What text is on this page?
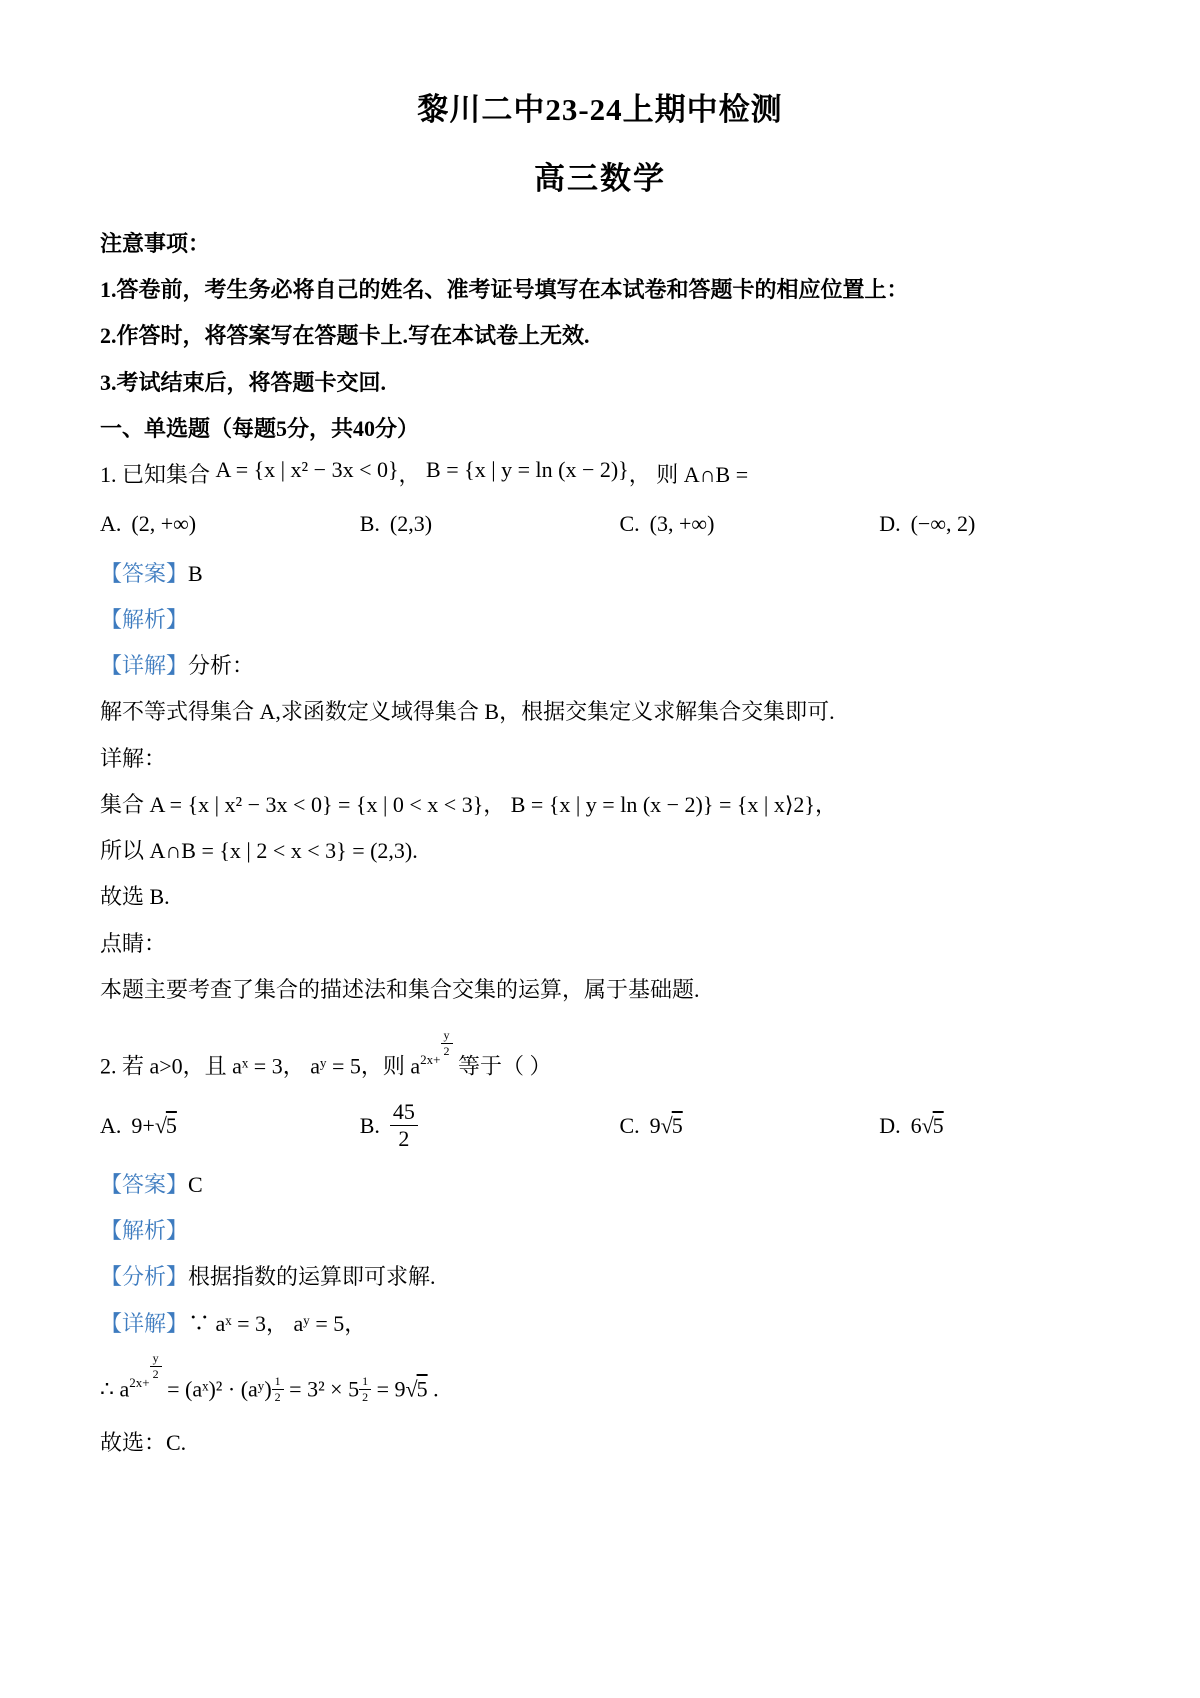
黎川二中23-24上期中检测
高三数学

注意事项：

1.答卷前，考生务必将自己的姓名、准考证号填写在本试卷和答题卡的相应位置上：

2.作答时，将答案写在答题卡上.写在本试卷上无效.

3.考试结束后，将答题卡交回.

一、单选题（每题5分，共40分）

1. 已知集合 A = {x | x² − 3x < 0}， B = {x | y = ln (x − 2)}， 则 A∩B =

A. (2, +∞)	B. (2,3)	C. (3, +∞)	D. (−∞, 2)

【答案】B

【解析】

【详解】分析：

解不等式得集合 A,求函数定义域得集合 B，根据交集定义求解集合交集即可.

详解：

集合 A = {x | x² − 3x < 0} = {x | 0 < x < 3}， B = {x | y = ln (x − 2)} = {x | x⟩2}，

所以 A∩B = {x | 2 < x < 3} = (2,3).

故选 B.

点睛：

本题主要考查了集合的描述法和集合交集的运算，属于基础题.

2. 若 a>0，且 aˣ = 3， aʸ = 5，则 a $^{2x+ \frac{y}{2}}$
等于（ ）

A. 9+√5	B. $\frac{45}{2}$	C. 9√5	D. 6√5

【答案】C

【解析】

【分析】根据指数的运算即可求解.

【详解】∵ aˣ = 3， aʸ = 5，

∴ a $^{2x+ \frac{y}{2}}$
= (aˣ)² · (aʸ) $^{\frac{1}{2}}$ = 3² × 5 $^{\frac{1}{2}}$ = 9√5 .

故选：C.
